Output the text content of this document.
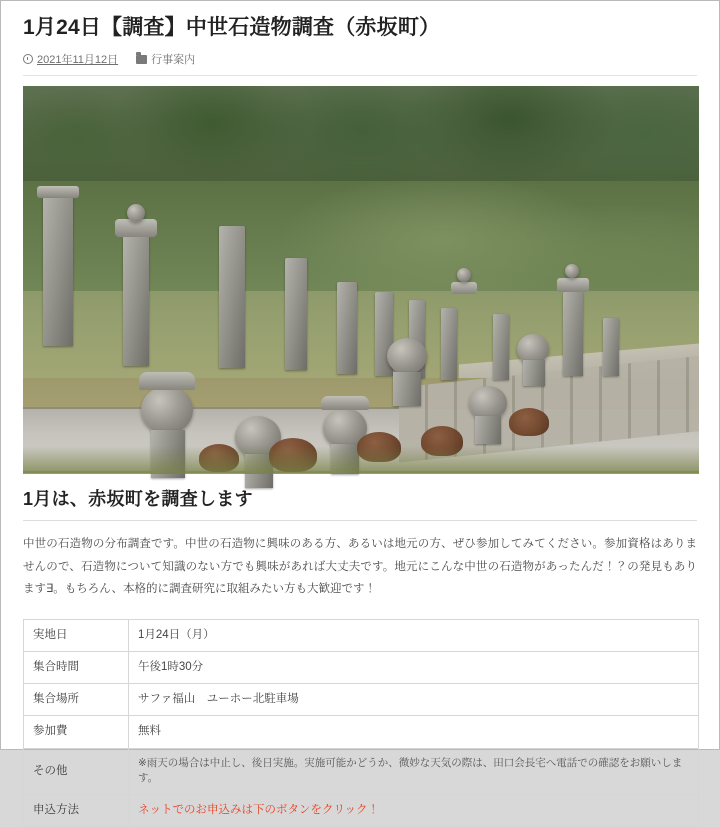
1月24日【調査】中世石造物調査（赤坂町）
2021年11月12日	行事案内
1月は、赤坂町を調査します

中世の石造物の分布調査です。中世の石造物に興味のある方、あるいは地元の方、ぜひ参加してみてください。参加資格はありませんので、石造物について知識のない方でも興味があれば大丈夫です。地元にこんな中世の石造物があったんだ！？の発見もあります∃。もちろん、本格的に調査研究に取組みたい方も大歓迎です！

実地日	1月24日（月）
集合時間	午後1時30分
集合場所	サファ福山　ユーホー北駐車場
参加費	無料
その他	※雨天の場合は中止し、後日実施。実施可能かどうか、微妙な天気の際は、田口会長宅へ電話での確認をお願いします。
申込方法	ネットでのお申込みは下のボタンをクリック！
